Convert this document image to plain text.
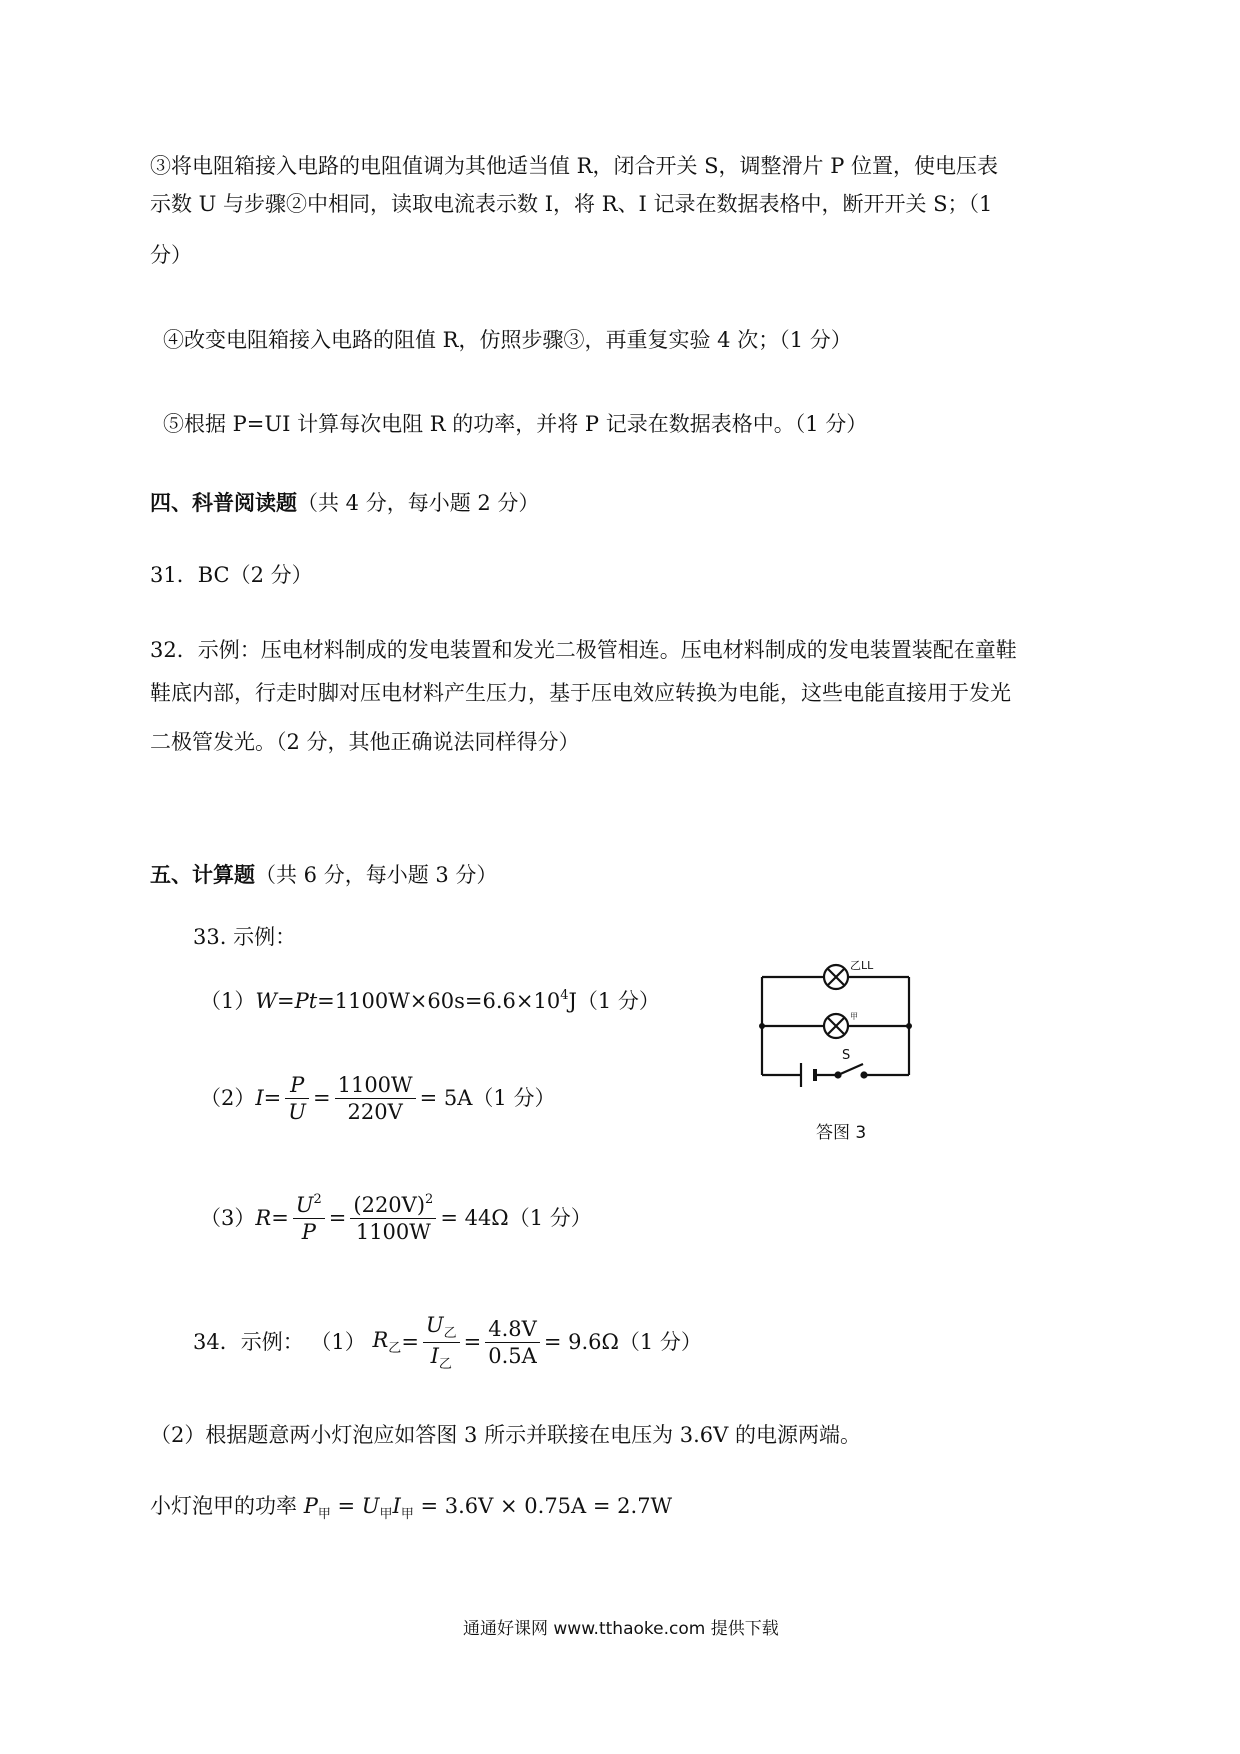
③将电阻箱接入电路的电阻值调为其他适当值 R，闭合开关 S，调整滑片 P 位置，使电压表
示数 U 与步骤②中相同，读取电流表示数 I，将 R、I 记录在数据表格中，断开开关 S；（1
分）
④改变电阻箱接入电路的阻值 R，仿照步骤③，再重复实验 4 次；（1 分）
⑤根据 P=UI 计算每次电阻 R 的功率，并将 P 记录在数据表格中。（1 分）
四、科普阅读题（共 4 分，每小题 2 分）
31．BC（2 分）
32．示例：压电材料制成的发电装置和发光二极管相连。压电材料制成的发电装置装配在童鞋
鞋底内部，行走时脚对压电材料产生压力，基于压电效应转换为电能，这些电能直接用于发光
二极管发光。（2 分，其他正确说法同样得分）
五、计算题（共 6 分，每小题 3 分）
33. 示例：
$(1)W=Pt=1100W\times 60s=6.6\times 10^4J(1$ 分）
$(2)I= \frac{P}{U} = \frac{1100W}{220V} = 5A(1$ 分）
$(3)R= \frac{U^2}{P} = \frac{(220V)^2}{1100W} = 44\Omega(1$ 分）
34．示例： （1） $R_乙= \frac{U_乙}{I_乙} = \frac{4.8V}{0.5A} = 9.6\Omega(1$ 分）
（2）根据题意两小灯泡应如答图 3 所示并联接在电压为 3.6V 的电源两端。
小灯泡甲的功率 $P_甲 = U_甲I_甲 = 3.6V \times 0.75A = 2.7W$
乙LL
甲
S
答图 3
通通好课网 www.tthaoke.com 提供下载
